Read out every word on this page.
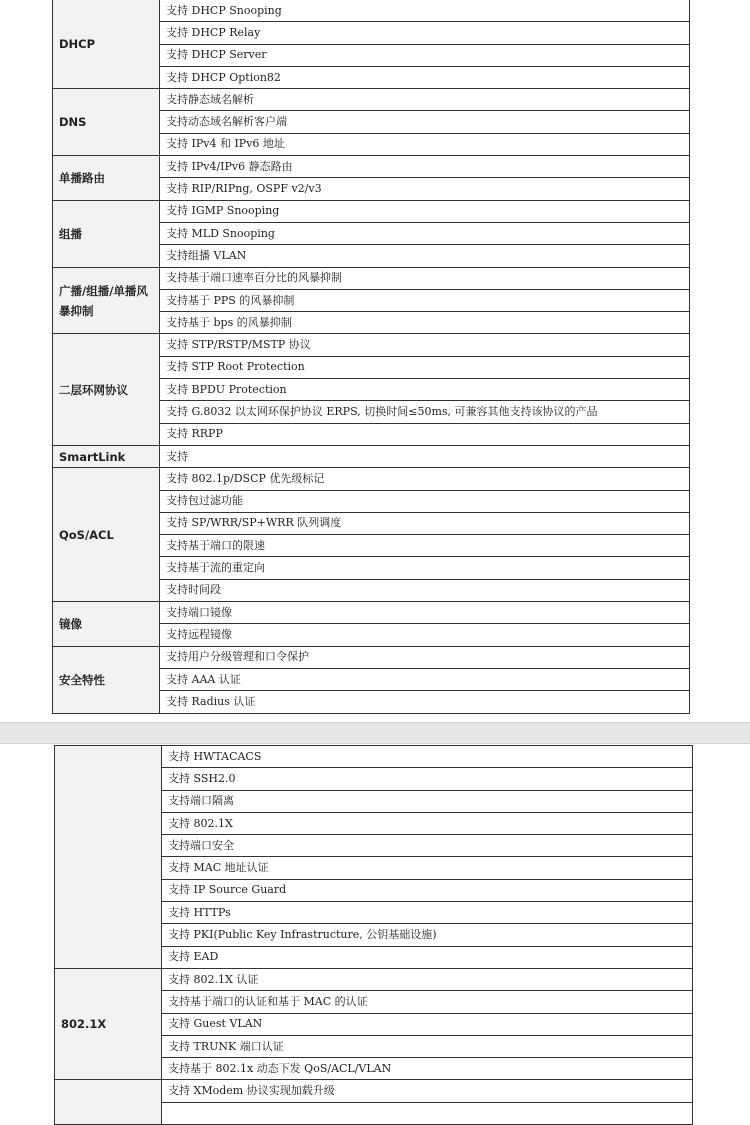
DHCP	支持 DHCP Snooping
	支持 DHCP Relay
	支持 DHCP Server
	支持 DHCP Option82
DNS	支持静态域名解析
	支持动态域名解析客户端
	支持 IPv4 和 IPv6 地址
单播路由	支持 IPv4/IPv6 静态路由
	支持 RIP/RIPng, OSPF v2/v3
组播	支持 IGMP Snooping
	支持 MLD Snooping
	支持组播 VLAN
广播/组播/单播风暴抑制	支持基于端口速率百分比的风暴抑制
	支持基于 PPS 的风暴抑制
	支持基于 bps 的风暴抑制
二层环网协议	支持 STP/RSTP/MSTP 协议
	支持 STP Root Protection
	支持 BPDU Protection
	支持 G.8032 以太网环保护协议 ERPS, 切换时间≤50ms, 可兼容其他支持该协议的产品
	支持 RRPP
SmartLink	支持
QoS/ACL	支持 802.1p/DSCP 优先级标记
	支持包过滤功能
	支持 SP/WRR/SP+WRR 队列调度
	支持基于端口的限速
	支持基于流的重定向
	支持时间段
镜像	支持端口镜像
	支持远程镜像
安全特性	支持用户分级管理和口令保护
	支持 AAA 认证
	支持 Radius 认证
	支持 HWTACACS
	支持 SSH2.0
	支持端口隔离
	支持 802.1X
	支持端口安全
	支持 MAC 地址认证
	支持 IP Source Guard
	支持 HTTPs
	支持 PKI(Public Key Infrastructure, 公钥基础设施)
	支持 EAD
802.1X	支持 802.1X 认证
	支持基于端口的认证和基于 MAC 的认证
	支持 Guest VLAN
	支持 TRUNK 端口认证
	支持基于 802.1x 动态下发 QoS/ACL/VLAN
	支持 XModem 协议实现加载升级
